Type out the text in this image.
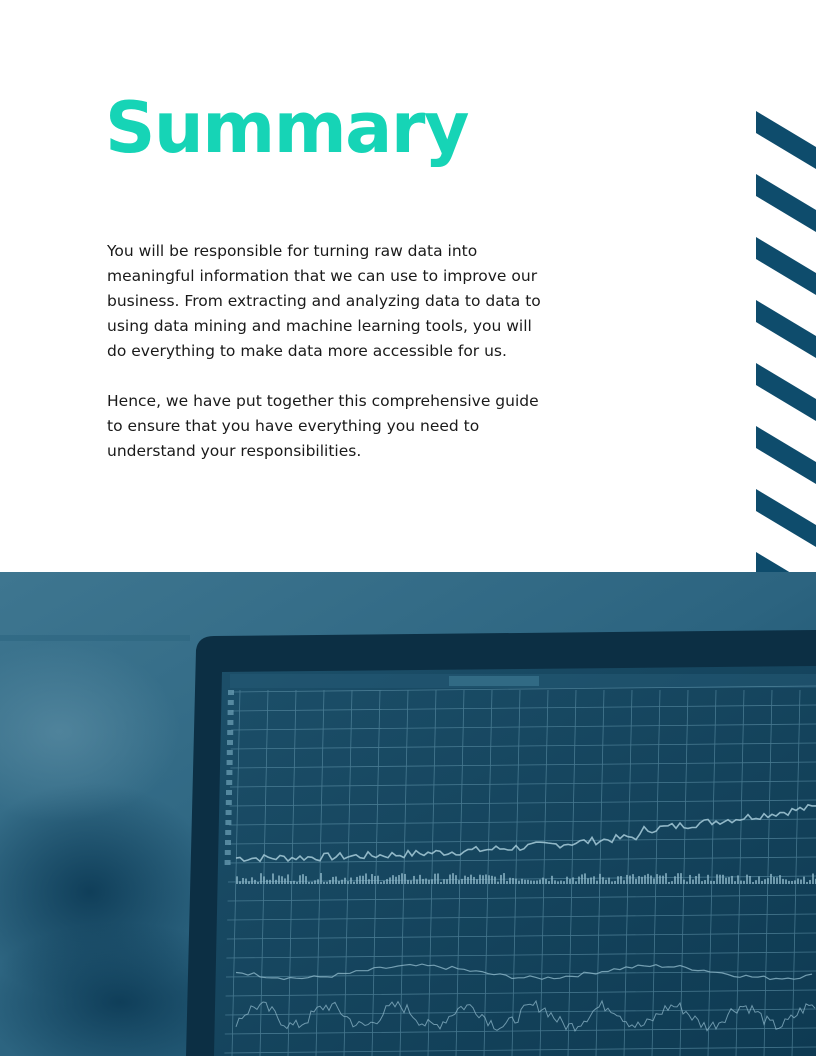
Summary

You will be responsible for turning raw data into meaningful information that we can use to improve our business. From extracting and analyzing data to data to using data mining and machine learning tools, you will do everything to make data more accessible for us.

Hence, we have put together this comprehensive guide to ensure that you have everything you need to understand your responsibilities.
